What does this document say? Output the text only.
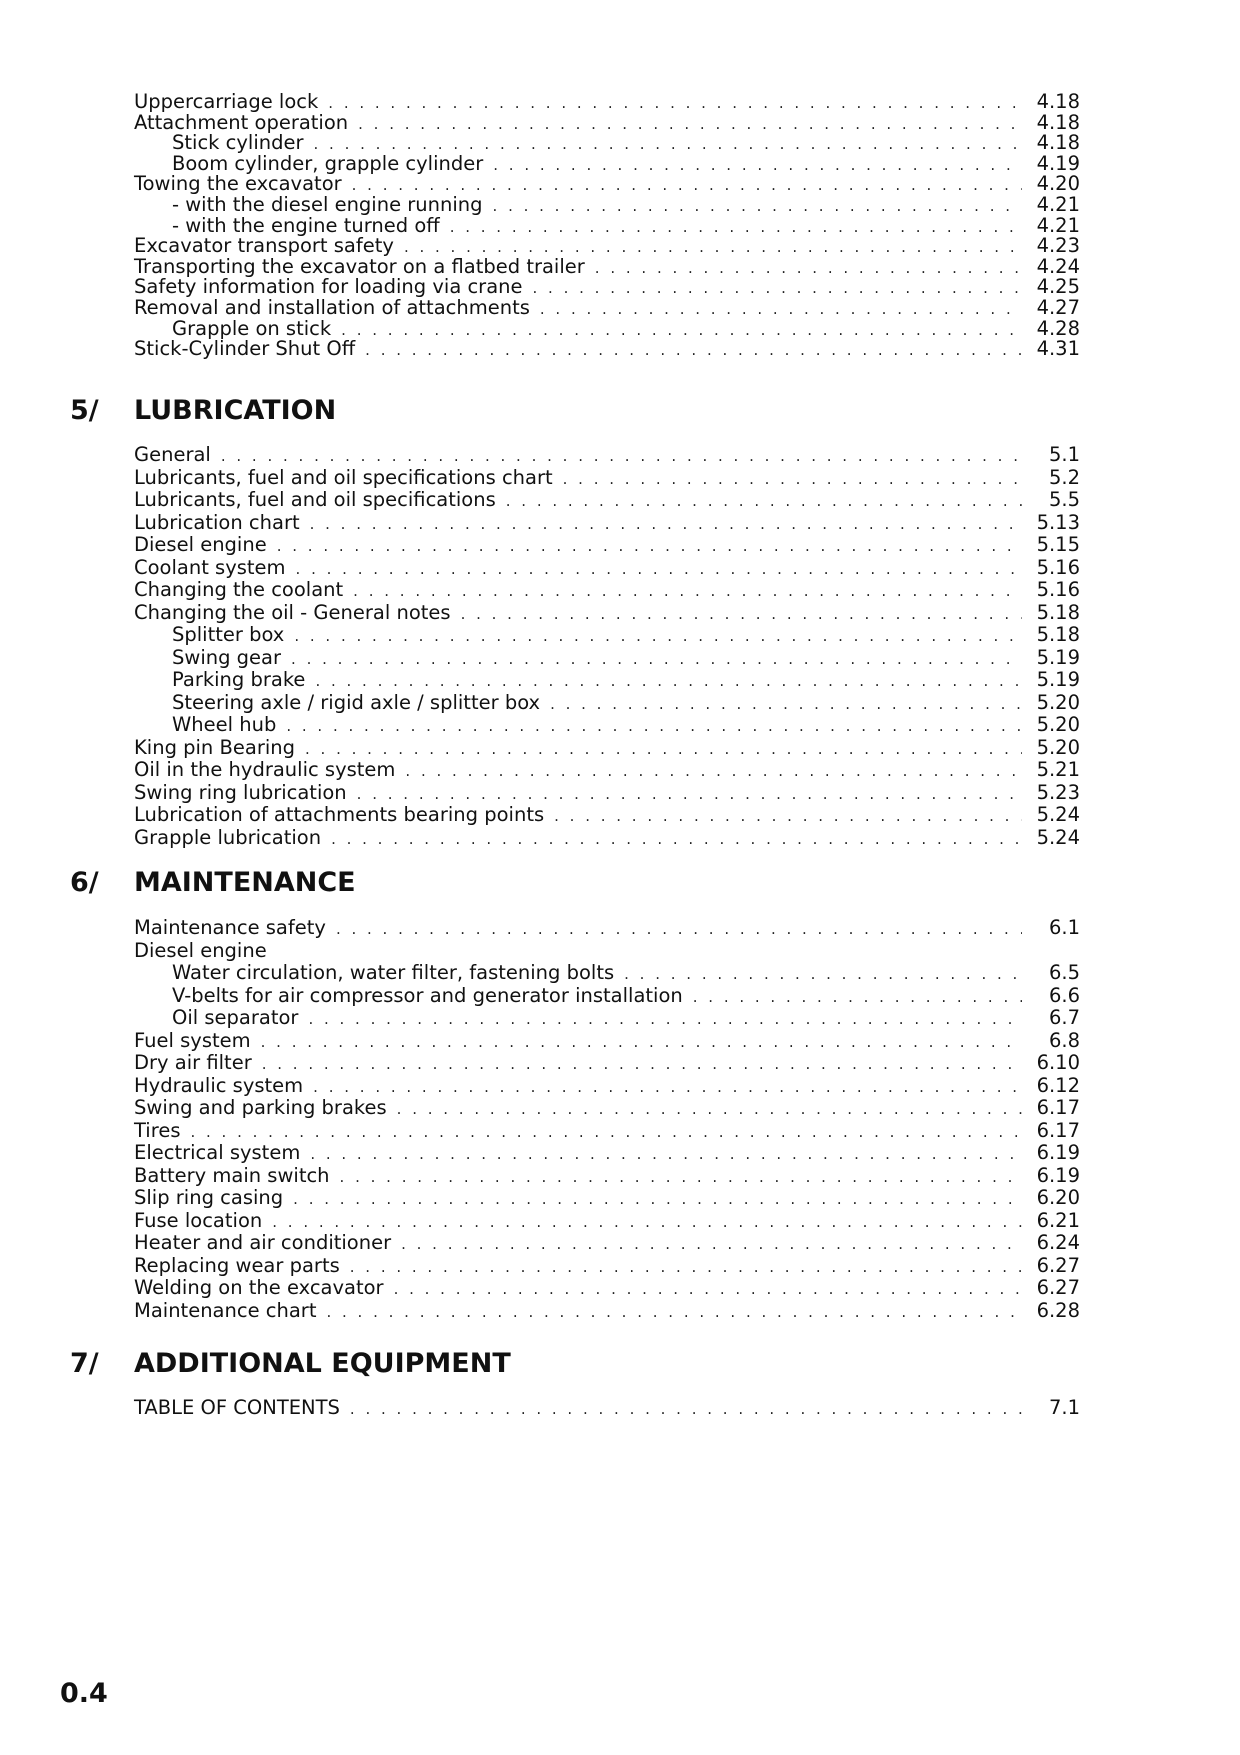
Uppercarriage lock . . .	4.18
Attachment operation . . .	4.18
Stick cylinder . . .	4.18
Boom cylinder, grapple cylinder . . .	4.19
Towing the excavator . . .	4.20
- with the diesel engine running . . .	4.21
- with the engine turned off . . .	4.21
Excavator transport safety . . .	4.23
Transporting the excavator on a flatbed trailer . . .	4.24
Safety information for loading via crane . . .	4.25
Removal and installation of attachments . . .	4.27
Grapple on stick . . .	4.28
Stick-Cylinder Shut Off . . .	4.31
5/ LUBRICATION
General . . .	5.1
Lubricants, fuel and oil specifications chart . . .	5.2
Lubricants, fuel and oil specifications . . .	5.5
Lubrication chart . . .	5.13
Diesel engine . . .	5.15
Coolant system . . .	5.16
Changing the coolant . . .	5.16
Changing the oil - General notes . . .	5.18
Splitter box . . .	5.18
Swing gear . . .	5.19
Parking brake . . .	5.19
Steering axle / rigid axle / splitter box . . .	5.20
Wheel hub . . .	5.20
King pin Bearing . . .	5.20
Oil in the hydraulic system . . .	5.21
Swing ring lubrication . . .	5.23
Lubrication of attachments bearing points . . .	5.24
Grapple lubrication . . .	5.24
6/ MAINTENANCE
Maintenance safety . . .	6.1
Diesel engine
Water circulation, water filter, fastening bolts . . .	6.5
V-belts for air compressor and generator installation . . .	6.6
Oil separator . . .	6.7
Fuel system . . .	6.8
Dry air filter . . .	6.10
Hydraulic system . . .	6.12
Swing and parking brakes . . .	6.17
Tires . . .	6.17
Electrical system . . .	6.19
Battery main switch . . .	6.19
Slip ring casing . . .	6.20
Fuse location . . .	6.21
Heater and air conditioner . . .	6.24
Replacing wear parts . . .	6.27
Welding on the excavator . . .	6.27
Maintenance chart . . .	6.28
7/ ADDITIONAL EQUIPMENT
TABLE OF CONTENTS . . .	7.1
0.4
